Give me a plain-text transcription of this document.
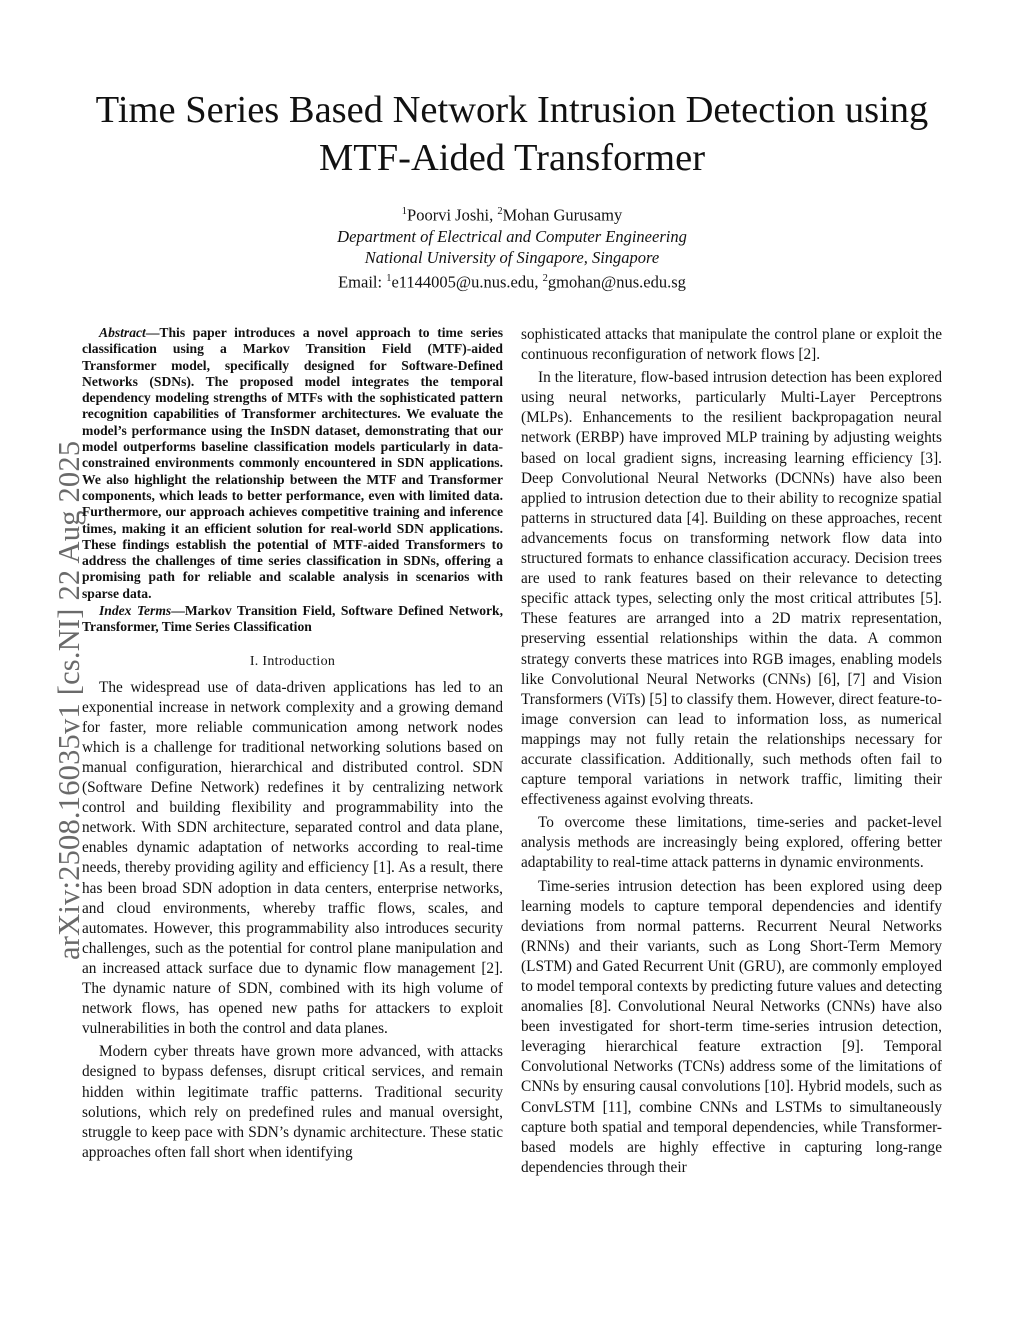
Time Series Based Network Intrusion Detection using MTF-Aided Transformer
$^1$Poorvi Joshi, $^2$Mohan Gurusamy
Department of Electrical and Computer Engineering
National University of Singapore, Singapore
Email: $^1$e1144005@u.nus.edu, $^2$gmohan@nus.edu.sg
arXiv:2508.16035v1 [cs.NI] 22 Aug 2025

Abstract—This paper introduces a novel approach to time series classification using a Markov Transition Field (MTF)-aided Transformer model, specifically designed for Software-Defined Networks (SDNs). The proposed model integrates the temporal dependency modeling strengths of MTFs with the sophisticated pattern recognition capabilities of Transformer architectures. We evaluate the model’s performance using the InSDN dataset, demonstrating that our model outperforms baseline classification models particularly in data-constrained environments commonly encountered in SDN applications. We also highlight the relationship between the MTF and Transformer components, which leads to better performance, even with limited data. Furthermore, our approach achieves competitive training and inference times, making it an efficient solution for real-world SDN applications. These findings establish the potential of MTF-aided Transformers to address the challenges of time series classification in SDNs, offering a promising path for reliable and scalable analysis in scenarios with sparse data.

Index Terms—Markov Transition Field, Software Defined Network, Transformer, Time Series Classification

I. Introduction

The widespread use of data-driven applications has led to an exponential increase in network complexity and a growing demand for faster, more reliable communication among network nodes which is a challenge for traditional networking solutions based on manual configuration, hierarchical and distributed control. SDN (Software Define Network) redefines it by centralizing network control and building flexibility and programmability into the network. With SDN architecture, separated control and data plane, enables dynamic adaptation of networks according to real-time needs, thereby providing agility and efficiency [1]. As a result, there has been broad SDN adoption in data centers, enterprise networks, and cloud environments, whereby traffic flows, scales, and automates. However, this programmability also introduces security challenges, such as the potential for control plane manipulation and an increased attack surface due to dynamic flow management [2]. The dynamic nature of SDN, combined with its high volume of network flows, has opened new paths for attackers to exploit vulnerabilities in both the control and data planes.

Modern cyber threats have grown more advanced, with attacks designed to bypass defenses, disrupt critical services, and remain hidden within legitimate traffic patterns. Traditional security solutions, which rely on predefined rules and manual oversight, struggle to keep pace with SDN’s dynamic architecture. These static approaches often fall short when identifying

sophisticated attacks that manipulate the control plane or exploit the continuous reconfiguration of network flows [2].

In the literature, flow-based intrusion detection has been explored using neural networks, particularly Multi-Layer Perceptrons (MLPs). Enhancements to the resilient backpropagation neural network (ERBP) have improved MLP training by adjusting weights based on local gradient signs, increasing learning efficiency [3]. Deep Convolutional Neural Networks (DCNNs) have also been applied to intrusion detection due to their ability to recognize spatial patterns in structured data [4]. Building on these approaches, recent advancements focus on transforming network flow data into structured formats to enhance classification accuracy. Decision trees are used to rank features based on their relevance to detecting specific attack types, selecting only the most critical attributes [5]. These features are arranged into a 2D matrix representation, preserving essential relationships within the data. A common strategy converts these matrices into RGB images, enabling models like Convolutional Neural Networks (CNNs) [6], [7] and Vision Transformers (ViTs) [5] to classify them. However, direct feature-to-image conversion can lead to information loss, as numerical mappings may not fully retain the relationships necessary for accurate classification. Additionally, such methods often fail to capture temporal variations in network traffic, limiting their effectiveness against evolving threats.

To overcome these limitations, time-series and packet-level analysis methods are increasingly being explored, offering better adaptability to real-time attack patterns in dynamic environments.

Time-series intrusion detection has been explored using deep learning models to capture temporal dependencies and identify deviations from normal patterns. Recurrent Neural Networks (RNNs) and their variants, such as Long Short-Term Memory (LSTM) and Gated Recurrent Unit (GRU), are commonly employed to model temporal contexts by predicting future values and detecting anomalies [8]. Convolutional Neural Networks (CNNs) have also been investigated for short-term time-series intrusion detection, leveraging hierarchical feature extraction [9]. Temporal Convolutional Networks (TCNs) address some of the limitations of CNNs by ensuring causal convolutions [10]. Hybrid models, such as ConvLSTM [11], combine CNNs and LSTMs to simultaneously capture both spatial and temporal dependencies, while Transformer-based models are highly effective in capturing long-range dependencies through their
